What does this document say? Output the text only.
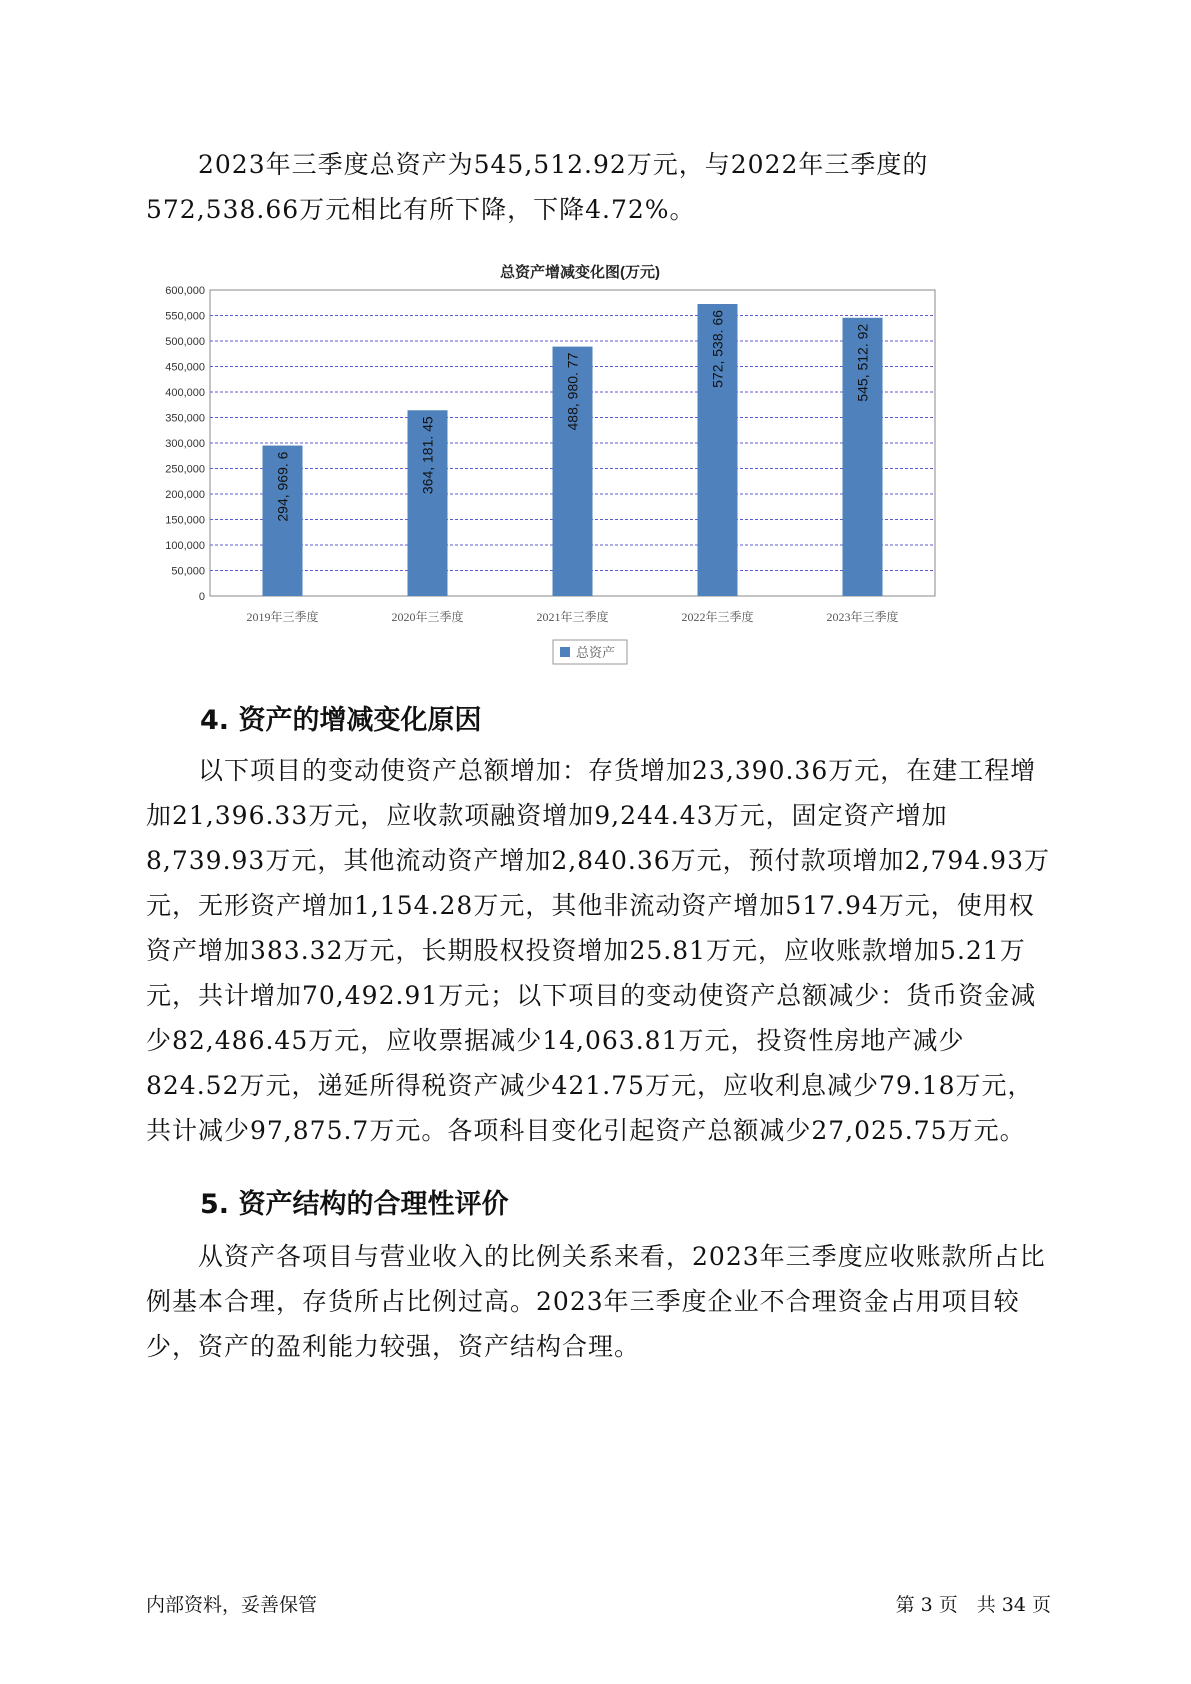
2023年三季度总资产为545,512.92万元，与2022年三季度的572,538.66万元相比有所下降，下降4.72%。

总资产增减变化图(万元)
0
50,000
100,000
150,000
200,000
250,000
300,000
350,000
400,000
450,000
500,000
550,000
600,000
294, 969. 6	364, 181. 45
488, 980. 77
572, 538. 66	545, 512. 92
2019年三季度	2020年三季度	2021年三季度	2022年三季度	2023年三季度
总资产
4. 资产的增减变化原因

以下项目的变动使资产总额增加：存货增加23,390.36万元，在建工程增加21,396.33万元，应收款项融资增加9,244.43万元，固定资产增加8,739.93万元，其他流动资产增加2,840.36万元，预付款项增加2,794.93万元，无形资产增加1,154.28万元，其他非流动资产增加517.94万元，使用权资产增加383.32万元，长期股权投资增加25.81万元，应收账款增加5.21万元，共计增加70,492.91万元；以下项目的变动使资产总额减少：货币资金减少82,486.45万元，应收票据减少14,063.81万元，投资性房地产减少824.52万元，递延所得税资产减少421.75万元，应收利息减少79.18万元，共计减少97,875.7万元。各项科目变化引起资产总额减少27,025.75万元。

5. 资产结构的合理性评价

从资产各项目与营业收入的比例关系来看，2023年三季度应收账款所占比例基本合理，存货所占比例过高。2023年三季度企业不合理资金占用项目较少，资产的盈利能力较强，资产结构合理。

内部资料，妥善保管	第 3 页　共 34 页
